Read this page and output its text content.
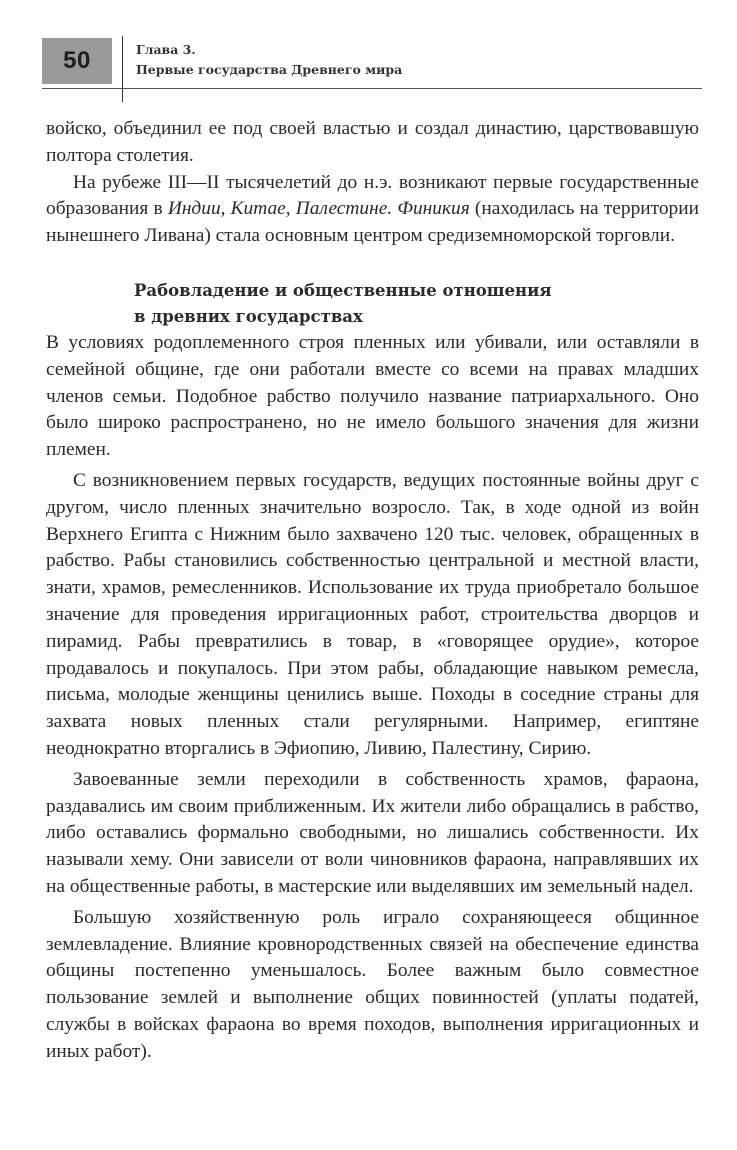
50	Глава 3.
Первые государства Древнего мира

войско, объединил ее под своей властью и создал династию, царствовавшую полтора столетия.

На рубеже III—II тысячелетий до н.э. возникают первые государственные образования в Индии, Китае, Палестине. Финикия (находилась на территории нынешнего Ливана) стала основным центром средиземноморской торговли.

Рабовладение и общественные отношения
в древних государствах

В условиях родоплеменного строя пленных или убивали, или оставляли в семейной общине, где они работали вместе со всеми на правах младших членов семьи. Подобное рабство получило название патриархального. Оно было широко распространено, но не имело большого значения для жизни племен.

С возникновением первых государств, ведущих постоянные войны друг с другом, число пленных значительно возросло. Так, в ходе одной из войн Верхнего Египта с Нижним было захвачено 120 тыс. человек, обращенных в рабство. Рабы становились собственностью центральной и местной власти, знати, храмов, ремесленников. Использование их труда приобретало большое значение для проведения ирригационных работ, строительства дворцов и пирамид. Рабы превратились в товар, в «говорящее орудие», которое продавалось и покупалось. При этом рабы, обладающие навыком ремесла, письма, молодые женщины ценились выше. Походы в соседние страны для захвата новых пленных стали регулярными. Например, египтяне неоднократно вторгались в Эфиопию, Ливию, Палестину, Сирию.

Завоеванные земли переходили в собственность храмов, фараона, раздавались им своим приближенным. Их жители либо обращались в рабство, либо оставались формально свободными, но лишались собственности. Их называли хему. Они зависели от воли чиновников фараона, направлявших их на общественные работы, в мастерские или выделявших им земельный надел.

Большую хозяйственную роль играло сохраняющееся общинное землевладение. Влияние кровнородственных связей на обеспечение единства общины постепенно уменьшалось. Более важным было совместное пользование землей и выполнение общих повинностей (уплаты податей, службы в войсках фараона во время походов, выполнения ирригационных и иных работ).
